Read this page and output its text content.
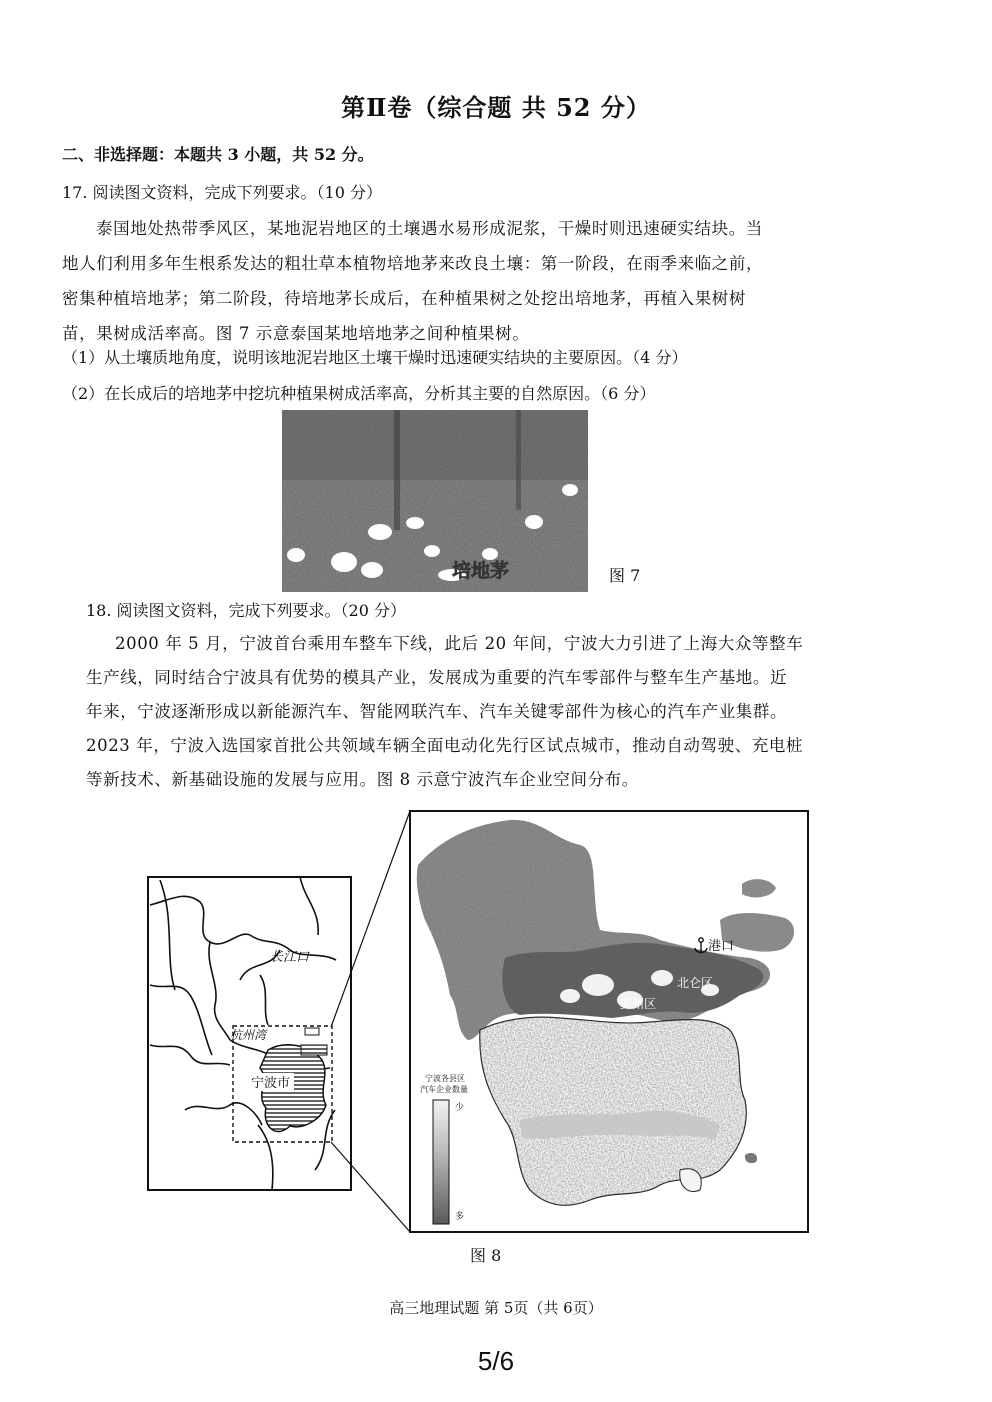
第Ⅱ卷（综合题 共 52 分）
二、非选择题：本题共 3 小题，共 52 分。
17. 阅读图文资料，完成下列要求。（10 分）
泰国地处热带季风区，某地泥岩地区的土壤遇水易形成泥浆，干燥时则迅速硬实结块。当
地人们利用多年生根系发达的粗壮草本植物培地茅来改良土壤：第一阶段，在雨季来临之前，
密集种植培地茅；第二阶段，待培地茅长成后，在种植果树之处挖出培地茅，再植入果树树
苗，果树成活率高。图 7 示意泰国某地培地茅之间种植果树。
（1）从土壤质地角度，说明该地泥岩地区土壤干燥时迅速硬实结块的主要原因。（4 分）
（2）在长成后的培地茅中挖坑种植果树成活率高，分析其主要的自然原因。（6 分）
培地茅	图 7
18. 阅读图文资料，完成下列要求。（20 分）
2000 年 5 月，宁波首台乘用车整车下线，此后 20 年间，宁波大力引进了上海大众等整车
生产线，同时结合宁波具有优势的模具产业，发展成为重要的汽车零部件与整车生产基地。近
年来，宁波逐渐形成以新能源汽车、智能网联汽车、汽车关键零部件为核心的汽车产业集群。
2023 年，宁波入选国家首批公共领域车辆全面电动化先行区试点城市，推动自动驾驶、充电桩
等新技术、新基础设施的发展与应用。图 8 示意宁波汽车企业空间分布。
长江口
杭州湾
宁波市
港口
北仑区
鄞州区
宁波各县区
汽车企业数量
少
多
图 8
高三地理试题 第 5页（共 6页）
5/6
